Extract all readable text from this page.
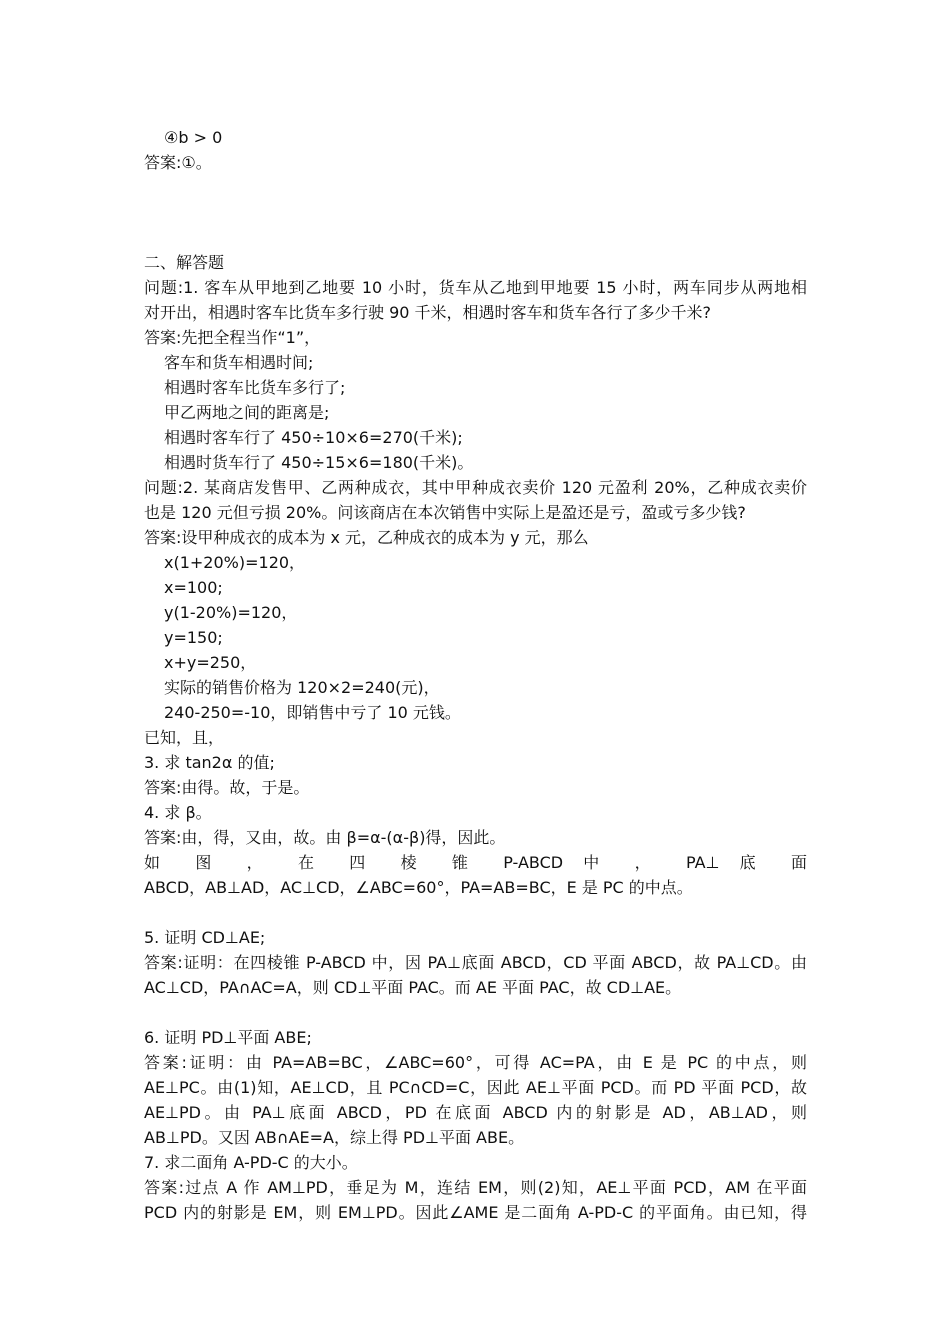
④b > 0
答案:①。
二、解答题
问题:1. 客车从甲地到乙地要 10 小时，货车从乙地到甲地要 15 小时，两车同步从两地相
对开出，相遇时客车比货车多行驶 90 千米，相遇时客车和货车各行了多少千米?
答案:先把全程当作“1”，
客车和货车相遇时间;
相遇时客车比货车多行了;
甲乙两地之间的距离是;
相遇时客车行了 450÷10×6=270(千米);
相遇时货车行了 450÷15×6=180(千米)。
问题:2. 某商店发售甲、乙两种成衣，其中甲种成衣卖价 120 元盈利 20%，乙种成衣卖价
也是 120 元但亏损 20%。问该商店在本次销售中实际上是盈还是亏，盈或亏多少钱?
答案:设甲种成衣的成本为 x 元，乙种成衣的成本为 y 元，那么
x(1+20%)=120，
x=100;
y(1-20%)=120，
y=150;
x+y=250，
实际的销售价格为 120×2=240(元)，
240-250=-10，即销售中亏了 10 元钱。
已知，且，
3. 求 tan2α 的值;
答案:由得。故，于是。
4. 求 β。
答案:由，得，又由，故。由 β=α-(α-β)得，因此。
如 图 ， 在 四 棱 锥 P-ABCD 中 ， PA⊥ 底 面
ABCD，AB⊥AD，AC⊥CD，∠ABC=60°，PA=AB=BC，E 是 PC 的中点。
5. 证明 CD⊥AE;
答案:证明：在四棱锥 P-ABCD 中，因 PA⊥底面 ABCD，CD 平面 ABCD，故 PA⊥CD。由
AC⊥CD，PA∩AC=A，则 CD⊥平面 PAC。而 AE 平面 PAC，故 CD⊥AE。
6. 证明 PD⊥平面 ABE;
答案:证明：由 PA=AB=BC，∠ABC=60°，可得 AC=PA，由 E 是 PC 的中点，则
AE⊥PC。由(1)知，AE⊥CD，且 PC∩CD=C，因此 AE⊥平面 PCD。而 PD 平面 PCD，故
AE⊥PD。由 PA⊥底面 ABCD，PD 在底面 ABCD 内的射影是 AD，AB⊥AD，则
AB⊥PD。又因 AB∩AE=A，综上得 PD⊥平面 ABE。
7. 求二面角 A-PD-C 的大小。
答案:过点 A 作 AM⊥PD，垂足为 M，连结 EM，则(2)知，AE⊥平面 PCD，AM 在平面
PCD 内的射影是 EM，则 EM⊥PD。因此∠AME 是二面角 A-PD-C 的平面角。由已知，得
